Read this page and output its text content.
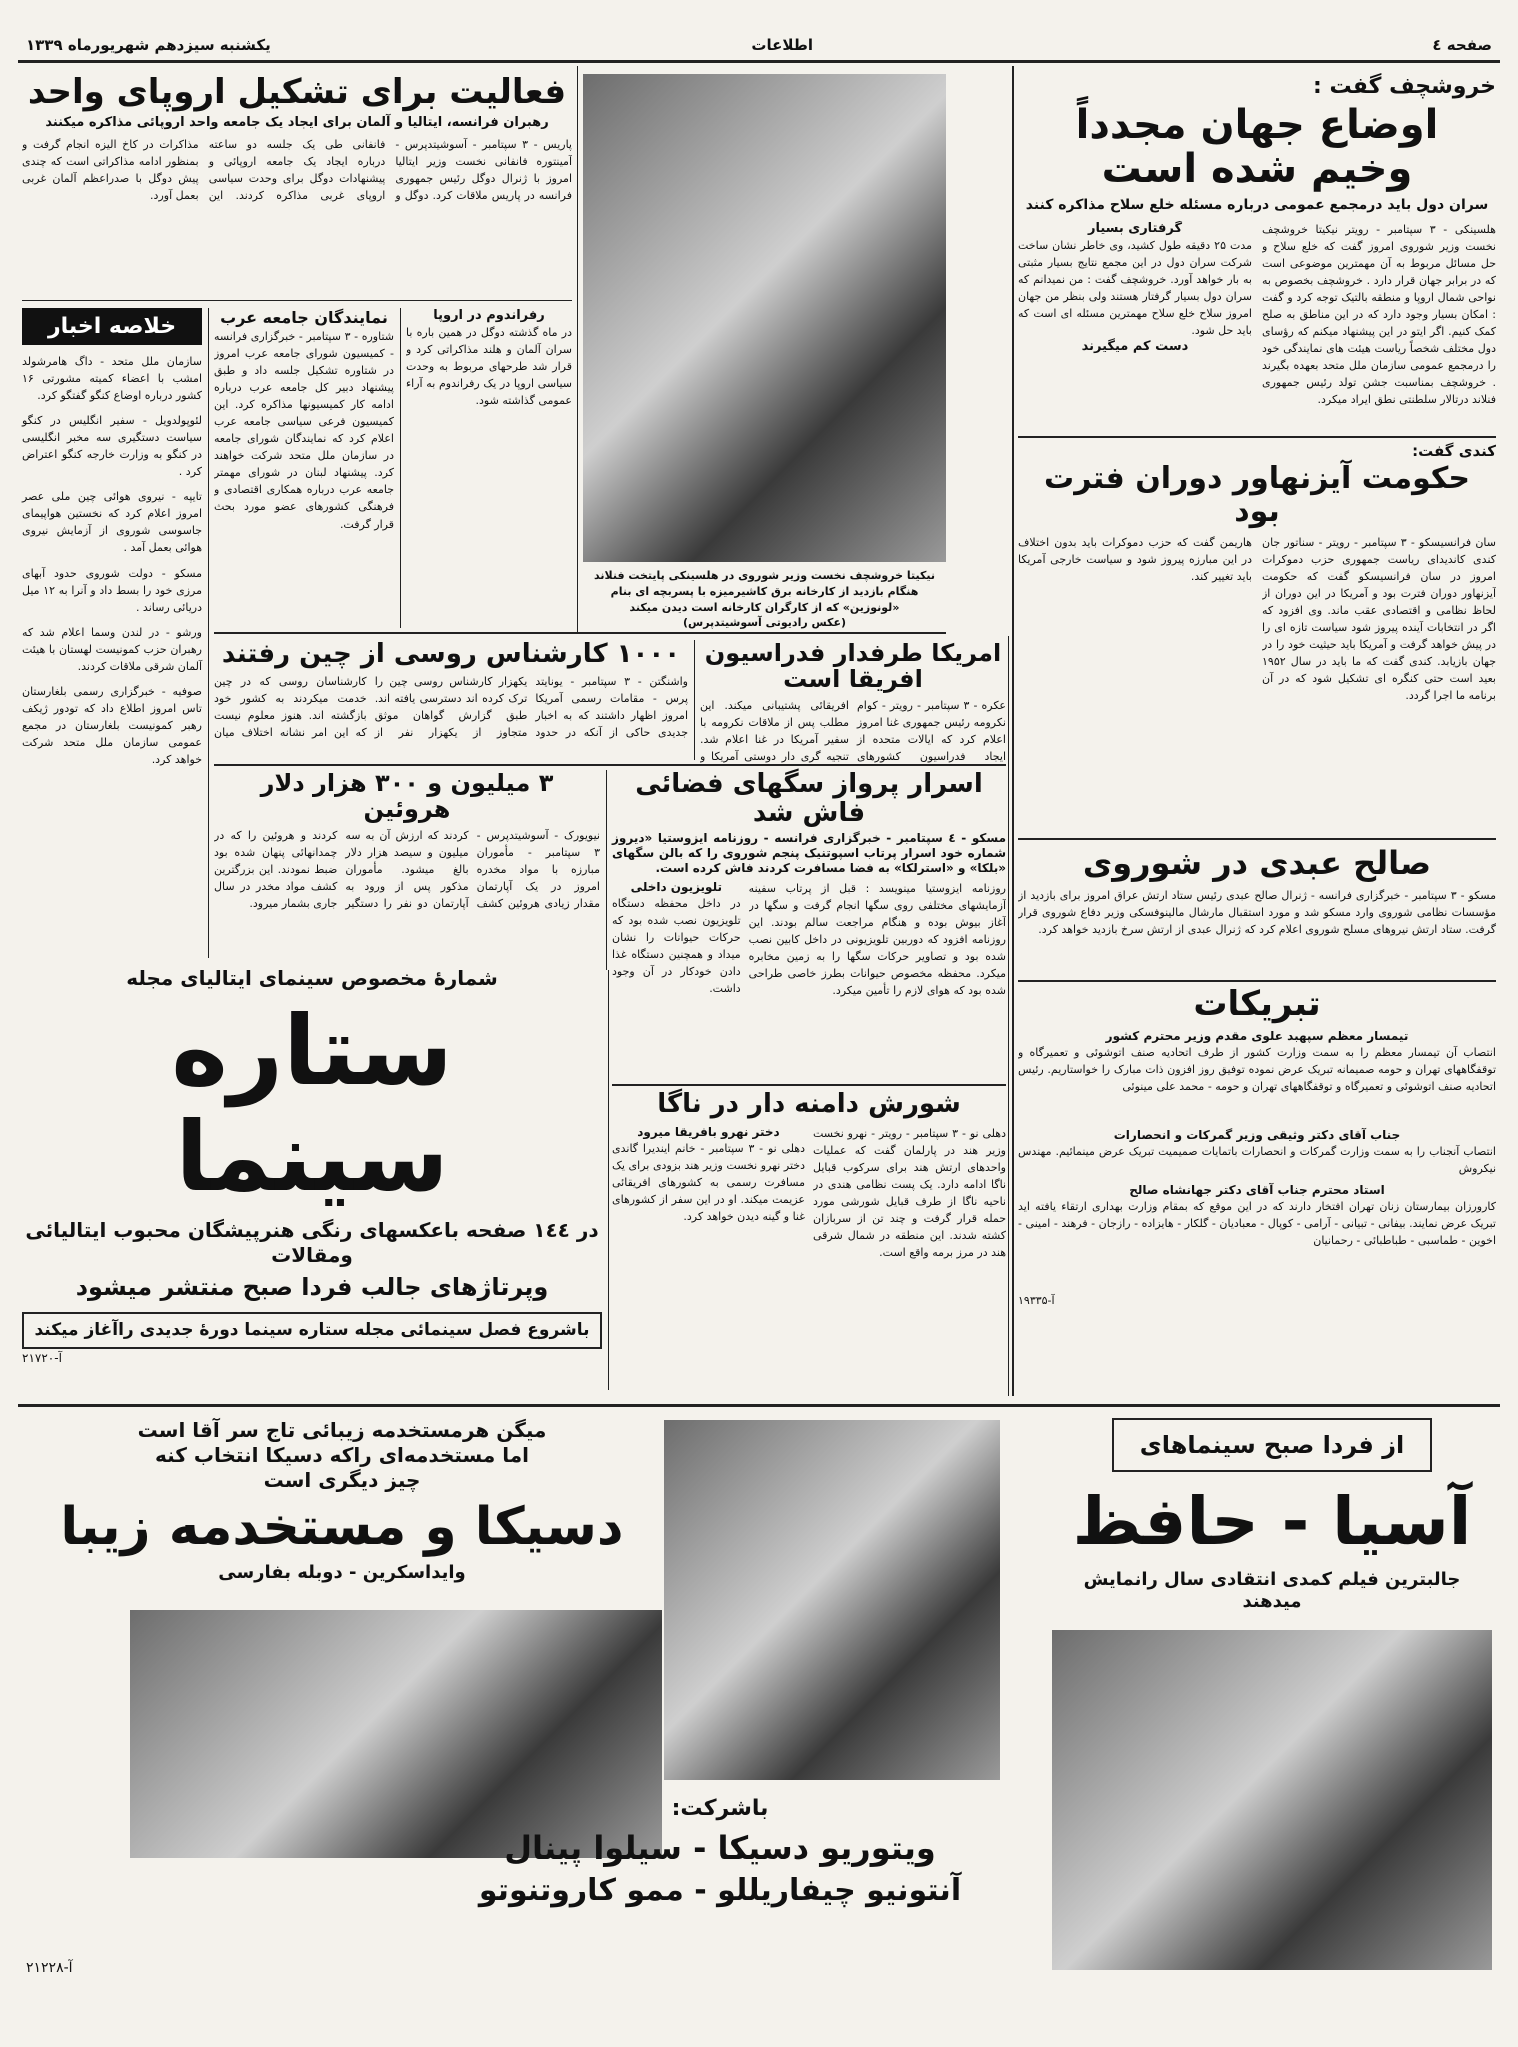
صفحه ٤
اطلاعات
یکشنبه سیزدهم شهریورماه ۱۳۳۹
خروشچف گفت :
اوضاع جهان مجدداً وخیم شده است
سران دول باید درمجمع عمومی درباره مسئله خلع سلاح مذاکره کنند
هلسینکی - ۳ سپتامبر - رویتر نیکیتا خروشچف نخست وزیر شوروی امروز گفت که خلع سلاح و حل مسائل مربوط به آن مهمترین موضوعی است که در برابر جهان قرار دارد . خروشچف بخصوص به نواحی شمال اروپا و منطقه بالتیک توجه کرد و گفت : امکان بسیار وجود دارد که در این مناطق به صلح کمک کنیم. اگر ایتو در این پیشنهاد میکنم که رؤسای دول مختلف شخصاً ریاست هیئت های نمایندگی خود را درمجمع عمومی سازمان ملل متحد بعهده بگیرند . خروشچف بمناسبت جشن تولد رئیس جمهوری فنلاند درتالار سلطنتی نطق ایراد میکرد.
گرفتاری بسیار
مدت ۲۵ دقیقه طول کشید، وی خاطر نشان ساخت شرکت سران دول در این مجمع نتایج بسیار مثبتی به بار خواهد آورد. خروشچف گفت : من نمیدانم که سران دول بسیار گرفتار هستند ولی بنظر من جهان امروز سلاح خلع سلاح مهمترین مسئله ای است که باید حل شود.
دست کم میگیرند
کندی گفت:
حکومت آیزنهاور دوران فترت بود
سان فرانسیسکو - ۳ سپتامبر - رویتر - سناتور جان کندی کاندیدای ریاست جمهوری حزب دموکرات امروز در سان فرانسیسکو گفت که حکومت آیزنهاور دوران فترت بود و آمریکا در این دوران از لحاظ نظامی و اقتصادی عقب ماند. وی افزود که اگر در انتخابات آینده پیروز شود سیاست تازه ای را در پیش خواهد گرفت و آمریکا باید حیثیت خود را در جهان بازیابد. کندی گفت که ما باید در سال ۱۹۵۲ بعید است حتی کنگره ای تشکیل شود که در آن برنامه ما اجرا گردد.
هاریمن گفت که حزب دموکرات باید بدون اختلاف در این مبارزه پیروز شود و سیاست خارجی آمریکا باید تغییر کند.
صالح عبدی در شوروی
مسکو - ۳ سپتامبر - خبرگزاری فرانسه - ژنرال صالح عبدی رئیس ستاد ارتش عراق امروز برای بازدید از مؤسسات نظامی شوروی وارد مسکو شد و مورد استقبال مارشال مالینوفسکی وزیر دفاع شوروی قرار گرفت. ستاد ارتش نیروهای مسلح شوروی اعلام کرد که ژنرال عبدی از ارتش سرخ بازدید خواهد کرد.
تبریکات
تیمسار معظم سپهبد علوی مقدم وزیر محترم کشور
انتصاب آن تیمسار معظم را به سمت وزارت کشور از طرف اتحادیه صنف اتوشوئی و تعمیرگاه و توقفگاههای تهران و حومه صمیمانه تبریک عرض نموده توفیق روز افزون ذات مبارک را خواستاریم. رئیس اتحادیه صنف اتوشوئی و تعمیرگاه و توقفگاههای تهران و حومه - محمد علی مینوئی
جناب آقای دکتر وثیقی وزیر گمرکات و انحصارات
انتصاب آنجناب را به سمت وزارت گمرکات و انحصارات باتمایات صمیمیت تبریک عرض مینمائیم. مهندس نیکروش
استاد محترم جناب آقای دکتر جهانشاه صالح
کارورزان بیمارستان زنان تهران افتخار دارند که در این موقع که بمقام وزارت بهداری ارتقاء یافته اید تبریک عرض نمایند. بیفانی - تبیانی - آرامی - کوپال - معبادیان - گلکار - هایزاده - رازجان - فرهند - امینی - اخوین - طماسبی - طباطبائی - رحمانیان
آ-۱۹۳۳۵
نیکیتا خروشچف نخست وزیر شوروی در هلسینکی پایتخت فنلاند هنگام بازدید از کارخانه برق کاشیرمیزه با پسربچه ای بنام «لونوزین» که از کارگران کارخانه است دیدن میکند
(عکس رادیوتی آسوشیتدپرس)
فعالیت برای تشکیل اروپای واحد
رهبران فرانسه، ایتالیا و آلمان برای ایجاد یک جامعه واحد اروپائی مذاکره میکنند
پاریس - ۳ سپتامبر - آسوشیتدپرس - آمینتوره فانفانی نخست وزیر ایتالیا امروز با ژنرال دوگل رئیس جمهوری فرانسه در پاریس ملاقات کرد. دوگل و فانفانی طی یک جلسه دو ساعته درباره ایجاد یک جامعه اروپائی و پیشنهادات دوگل برای وحدت سیاسی اروپای غربی مذاکره کردند. این مذاکرات در کاخ الیزه انجام گرفت و بمنظور ادامه مذاکراتی است که چندی پیش دوگل با صدراعظم آلمان غربی بعمل آورد.
خلاصه اخبار
سازمان ملل متحد - داگ هامرشولد امشب با اعضاء کمیته مشورتی ۱۶ کشور درباره اوضاع کنگو گفتگو کرد.
لئوپولدویل - سفیر انگلیس در کنگو سیاست دستگیری سه مخبر انگلیسی در کنگو به وزارت خارجه کنگو اعتراض کرد .
تایپه - نیروی هوائی چین ملی عصر امروز اعلام کرد که نخستین هواپیمای جاسوسی شوروی از آزمایش نیروی هوائی بعمل آمد .
مسکو - دولت شوروی حدود آبهای مرزی خود را بسط داد و آنرا به ۱۲ میل دریائی رساند .
ورشو - در لندن وسما اعلام شد که رهبران حزب کمونیست لهستان با هیئت آلمان شرقی ملاقات کردند.
صوفیه - خبرگزاری رسمی بلغارستان تاس امروز اطلاع داد که تودور ژیکف رهبر کمونیست بلغارستان در مجمع عمومی سازمان ملل متحد شرکت خواهد کرد.
نمایندگان جامعه عرب
شتاوره - ۳ سپتامبر - خبرگزاری فرانسه - کمیسیون شورای جامعه عرب امروز در شتاوره تشکیل جلسه داد و طبق پیشنهاد دبیر کل جامعه عرب درباره ادامه کار کمیسیونها مذاکره کرد. این کمیسیون فرعی سیاسی جامعه عرب اعلام کرد که نمایندگان شورای جامعه در سازمان ملل متحد شرکت خواهند کرد. پیشنهاد لبنان در شورای مهمتر جامعه عرب درباره همکاری اقتصادی و فرهنگی کشورهای عضو مورد بحث قرار گرفت.
رفراندوم در اروپا
در ماه گذشته دوگل در همین باره با سران آلمان و هلند مذاکراتی کرد و قرار شد طرحهای مربوط به وحدت سیاسی اروپا در یک رفراندوم به آراء عمومی گذاشته شود.
امریکا طرفدار فدراسیون افریقا است
عکره - ۳ سپتامبر - رویتر - کوام نکرومه رئیس جمهوری غنا امروز اعلام کرد که ایالات متحده از ایجاد فدراسیون کشورهای افریقائی پشتیبانی میکند. این مطلب پس از ملاقات نکرومه با سفیر آمریکا در غنا اعلام شد. تنجیه گری دار دوستی آمریکا و
۱۰۰۰ کارشناس روسی از چین رفتند
واشنگتن - ۳ سپتامبر - یونایتد پرس - مقامات رسمی آمریکا امروز اظهار داشتند که به اخبار جدیدی حاکی از آنکه در حدود یکهزار کارشناس روسی چین را ترک کرده اند دسترسی یافته اند. طبق گزارش گواهان موثق متجاوز از یکهزار نفر از کارشناسان روسی که در چین خدمت میکردند به کشور خود بازگشته اند. هنوز معلوم نیست که این امر نشانه اختلاف میان
۳ میلیون و ۳۰۰ هزار دلار هروئین
نیویورک - آسوشیتدپرس - ۳ سپتامبر - مأموران مبارزه با مواد مخدره امروز در یک آپارتمان مقدار زیادی هروئین کشف کردند که ارزش آن به سه میلیون و سیصد هزار دلار بالغ میشود. مأموران مذکور پس از ورود به آپارتمان دو نفر را دستگیر کردند و هروئین را که در چمدانهائی پنهان شده بود ضبط نمودند. این بزرگترین کشف مواد مخدر در سال جاری بشمار میرود.
اسرار پرواز سگهای فضائی فاش شد
مسکو - ٤ سپتامبر - خبرگزاری فرانسه - روزنامه ایزوستیا «دیروز شماره خود اسرار پرتاب اسپوتنیک پنجم شوروی را که بالن سگهای «بلکا» و «استرلکا» به فضا مسافرت کردند فاش کرده است.
روزنامه ایزوستیا مینویسد : قبل از پرتاب سفینه آزمایشهای مختلفی روی سگها انجام گرفت و سگها در آغاز بیوش بوده و هنگام مراجعت سالم بودند. این روزنامه افزود که دوربین تلویزیونی در داخل کابین نصب شده بود و تصاویر حرکات سگها را به زمین مخابره میکرد. محفظه مخصوص حیوانات بطرز خاصی طراحی شده بود که هوای لازم را تأمین میکرد.
تلویزیون داخلی
در داخل محفظه دستگاه تلویزیون نصب شده بود که حرکات حیوانات را نشان میداد و همچنین دستگاه غذا دادن خودکار در آن وجود داشت.
شمارهٔ مخصوص سینمای ایتالیای مجله
ستاره سینما
در ١٤٤ صفحه باعکسهای رنگی هنرپیشگان محبوب ایتالیائی ومقالات
وپرتاژهای جالب فردا صبح منتشر میشود
باشروع فصل سینمائی مجله ستاره سینما دورهٔ جدیدی راآغاز میکند
آ-۲۱۷۲۰
شورش دامنه دار در ناگا
دهلی نو - ۳ سپتامبر - رویتر - نهرو نخست وزیر هند در پارلمان گفت که عملیات واحدهای ارتش هند برای سرکوب قبایل ناگا ادامه دارد. یک پست نظامی هندی در ناحیه ناگا از طرف قبایل شورشی مورد حمله قرار گرفت و چند تن از سربازان کشته شدند. این منطقه در شمال شرقی هند در مرز برمه واقع است.
دختر نهرو بافریقا میرود
دهلی نو - ۳ سپتامبر - خانم ایندیرا گاندی دختر نهرو نخست وزیر هند بزودی برای یک مسافرت رسمی به کشورهای افریقائی عزیمت میکند. او در این سفر از کشورهای غنا و گینه دیدن خواهد کرد.
از فردا صبح سینماهای
آسیا - حافظ
جالبترین فیلم کمدی انتقادی سال رانمایش میدهند
میگن هرمستخدمه زیبائی تاج سر آقا است
اما مستخدمه‌ای راکه دسیکا انتخاب کنه
چیز دیگری است
دسیکا و مستخدمه زیبا
وایداسکرین - دوبله بفارسی
باشرکت:
ویتوریو دسیکا - سیلوا پینال
آنتونیو چیفاریللو - ممو کاروتنوتو
آ-۲۱۲۲۸
